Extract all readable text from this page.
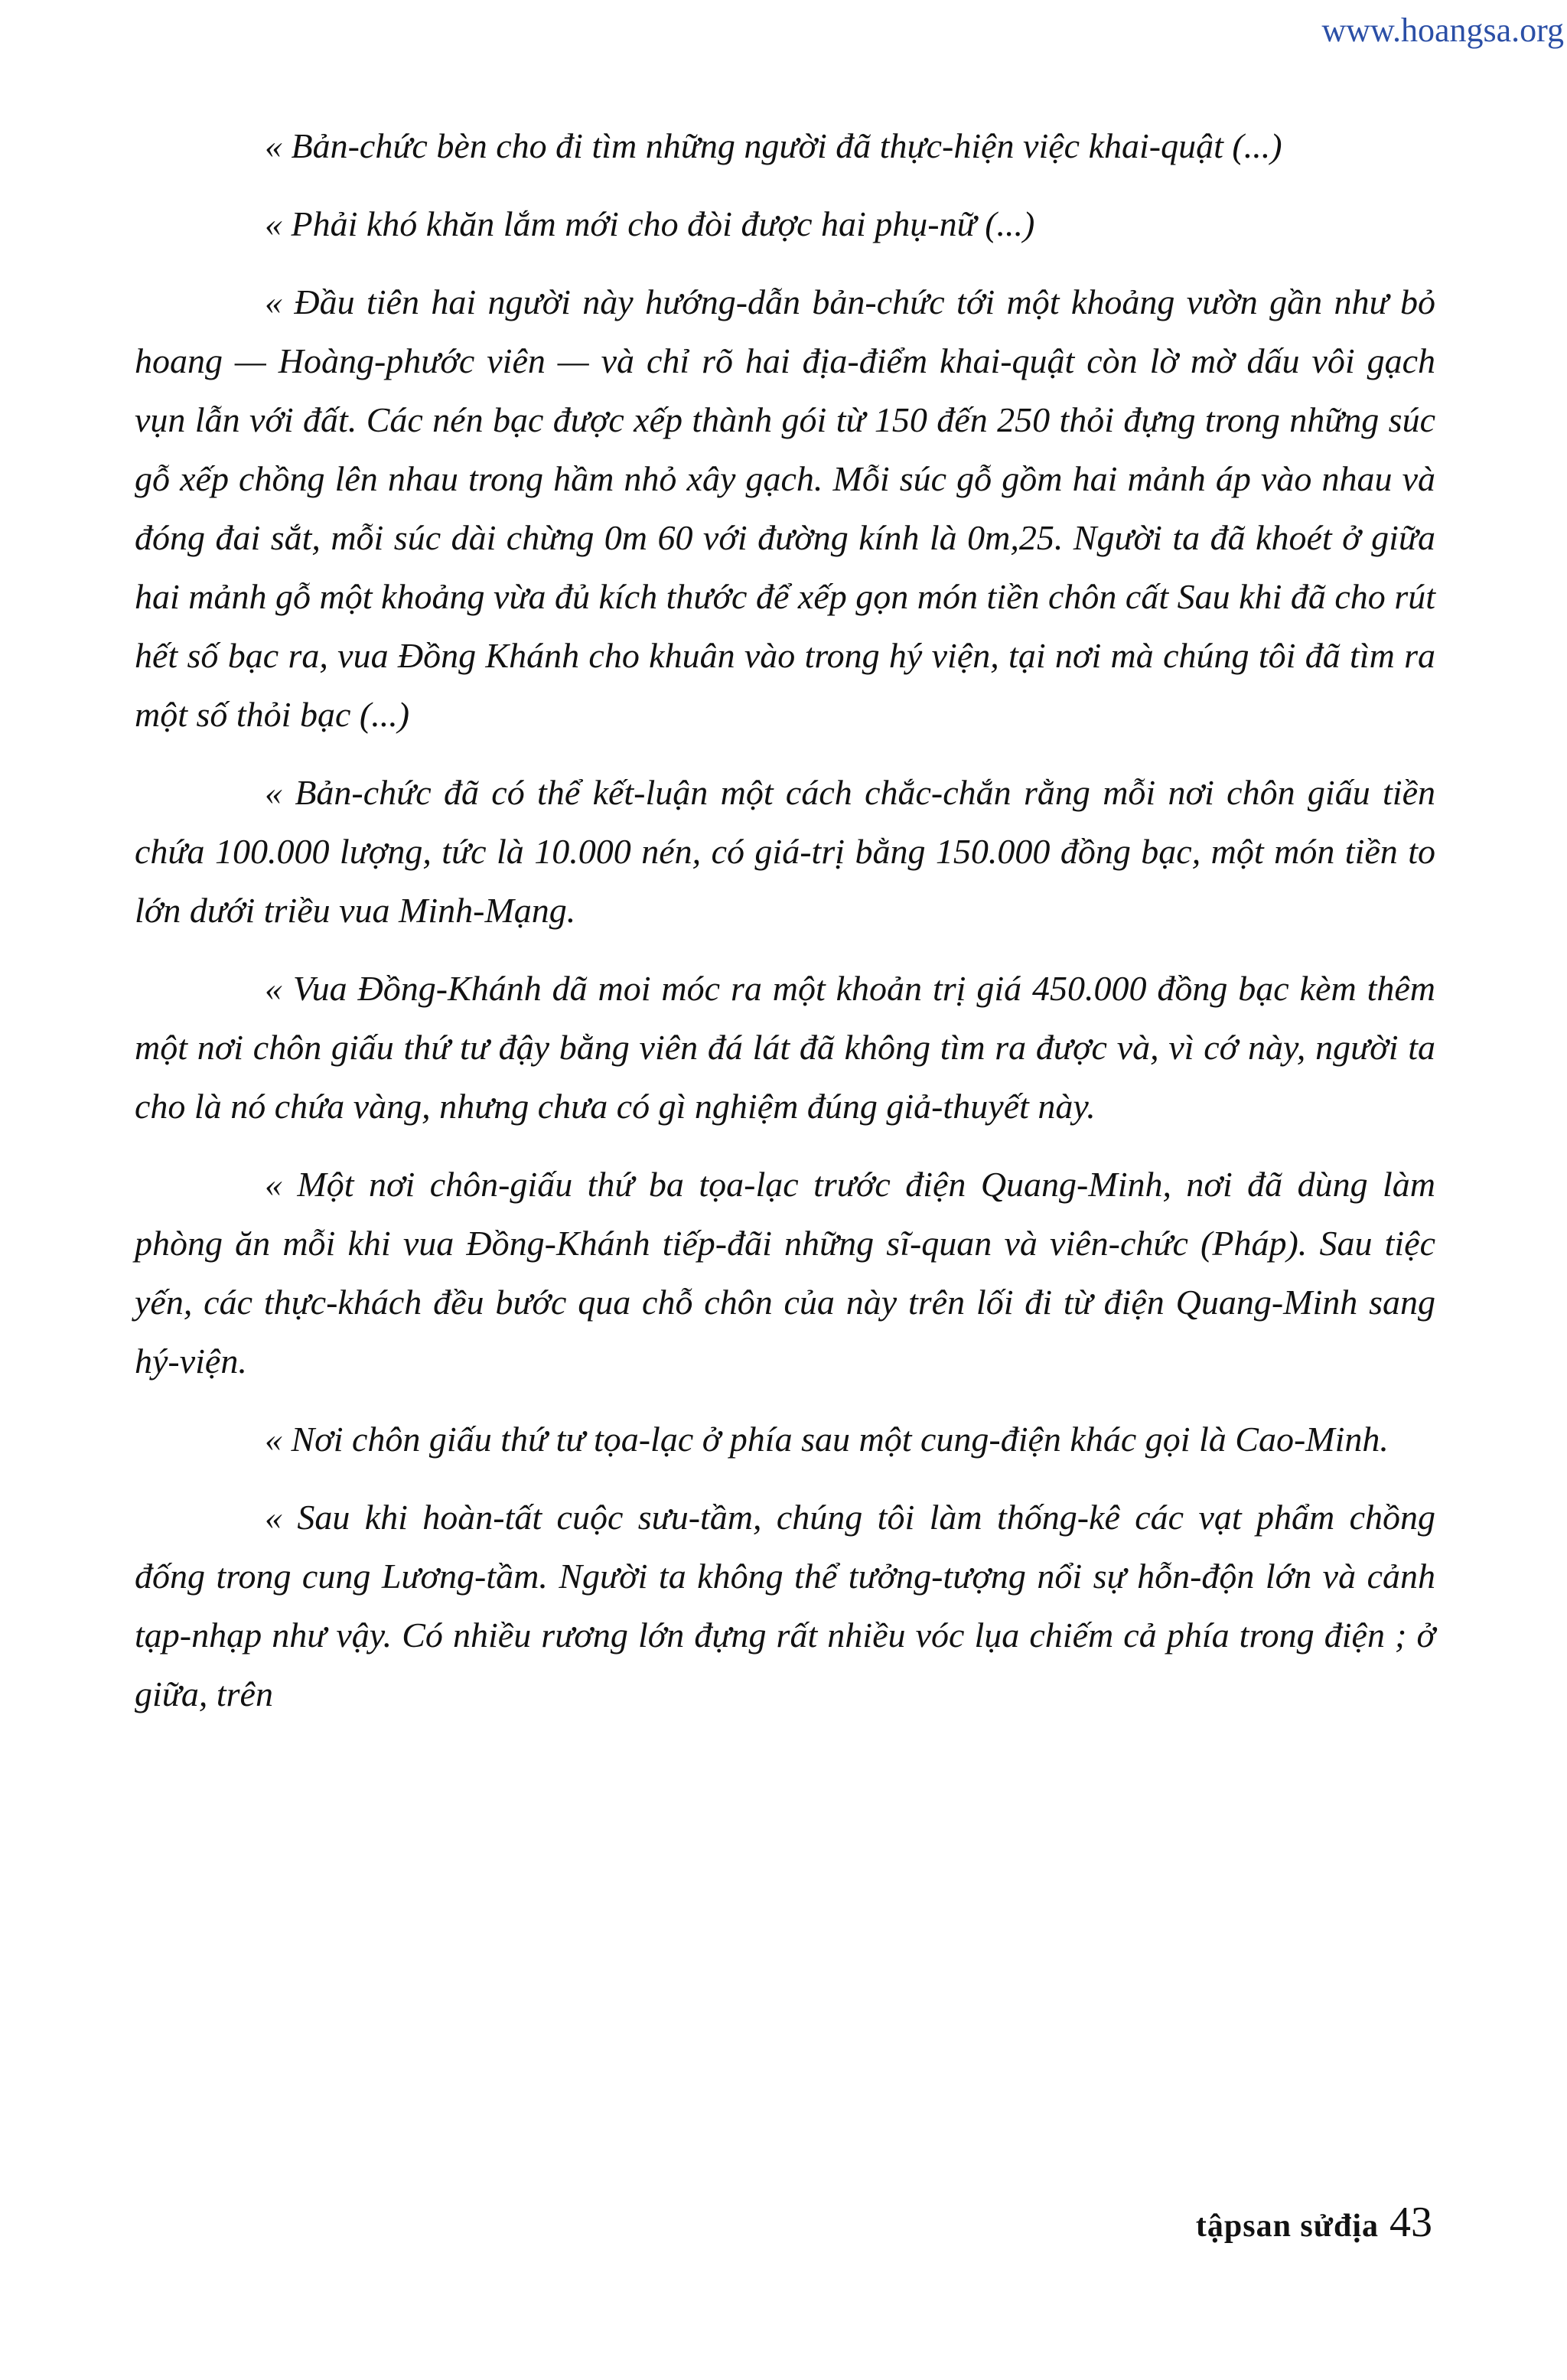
www.hoangsa.org

« Bản-chức bèn cho đi tìm những người đã thực-hiện việc khai-quật (...)

« Phải khó khăn lắm mới cho đòi được hai phụ-nữ (...)

« Đầu tiên hai người này hướng-dẫn bản-chức tới một khoảng vườn gần như bỏ hoang — Hoàng-phước viên — và chỉ rõ hai địa-điểm khai-quật còn lờ mờ dấu vôi gạch vụn lẫn với đất. Các nén bạc được xếp thành gói từ 150 đến 250 thỏi đựng trong những súc gỗ xếp chồng lên nhau trong hầm nhỏ xây gạch. Mỗi súc gỗ gồm hai mảnh áp vào nhau và đóng đai sắt, mỗi súc dài chừng 0m 60 với đường kính là 0m,25. Người ta đã khoét ở giữa hai mảnh gỗ một khoảng vừa đủ kích thước để xếp gọn món tiền chôn cất Sau khi đã cho rút hết số bạc ra, vua Đồng Khánh cho khuân vào trong hý viện, tại nơi mà chúng tôi đã tìm ra một số thỏi bạc (...)

« Bản-chức đã có thể kết-luận một cách chắc-chắn rằng mỗi nơi chôn giấu tiền chứa 100.000 lượng, tức là 10.000 nén, có giá-trị bằng 150.000 đồng bạc, một món tiền to lớn dưới triều vua Minh-Mạng.

« Vua Đồng-Khánh dã moi móc ra một khoản trị giá 450.000 đồng bạc kèm thêm một nơi chôn giấu thứ tư đậy bằng viên đá lát đã không tìm ra được và, vì cớ này, người ta cho là nó chứa vàng, nhưng chưa có gì nghiệm đúng giả-thuyết này.

« Một nơi chôn-giấu thứ ba tọa-lạc trước điện Quang-Minh, nơi đã dùng làm phòng ăn mỗi khi vua Đồng-Khánh tiếp-đãi những sĩ-quan và viên-chức (Pháp). Sau tiệc yến, các thực-khách đều bước qua chỗ chôn của này trên lối đi từ điện Quang-Minh sang hý-viện.

« Nơi chôn giấu thứ tư tọa-lạc ở phía sau một cung-điện khác gọi là Cao-Minh.

« Sau khi hoàn-tất cuộc sưu-tầm, chúng tôi làm thống-kê các vạt phẩm chồng đống trong cung Lương-tầm. Người ta không thể tưởng-tượng nổi sự hỗn-độn lớn và cảnh tạp-nhạp như vậy. Có nhiều rương lớn đựng rất nhiều vóc lụa chiếm cả phía trong điện ; ở giữa, trên

tậpsan sửđịa 43
